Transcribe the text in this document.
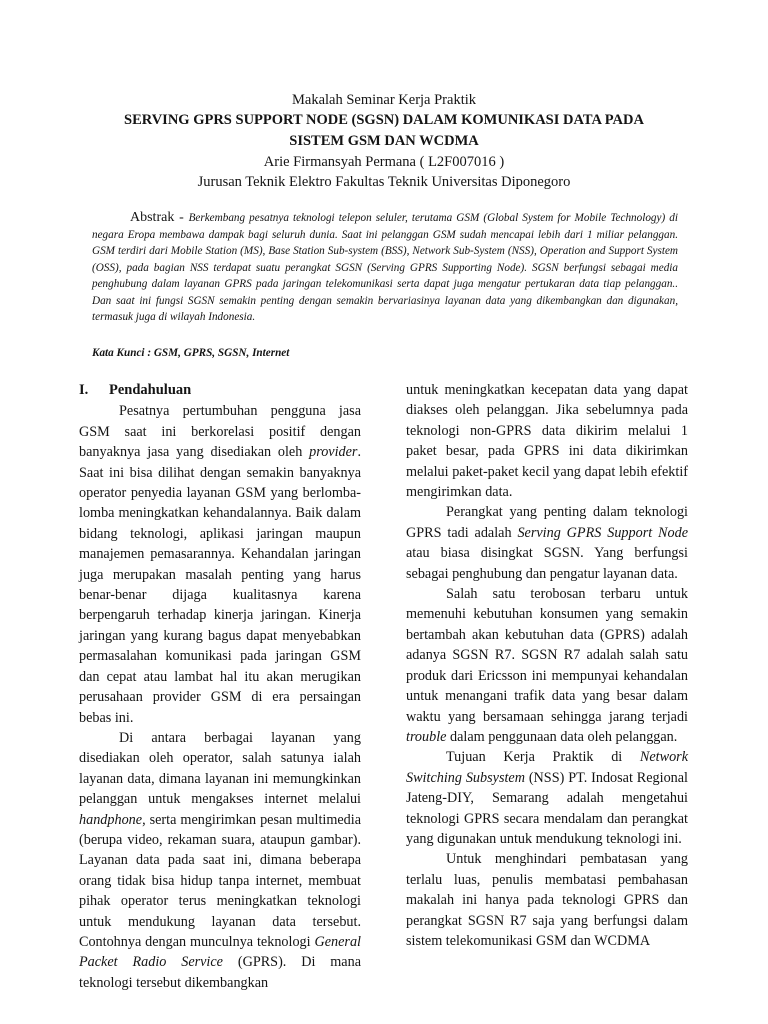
Makalah Seminar Kerja Praktik

SERVING GPRS SUPPORT NODE (SGSN) DALAM KOMUNIKASI DATA PADA

SISTEM GSM DAN WCDMA

Arie Firmansyah Permana ( L2F007016 )

Jurusan Teknik Elektro Fakultas Teknik Universitas Diponegoro

Abstrak - Berkembang pesatnya teknologi telepon seluler, terutama GSM (Global System for Mobile Technology) di negara Eropa membawa dampak bagi seluruh dunia. Saat ini pelanggan GSM sudah mencapai lebih dari 1 miliar pelanggan. GSM terdiri dari Mobile Station (MS), Base Station Sub-system (BSS), Network Sub-System (NSS), Operation and Support System (OSS), pada bagian NSS terdapat suatu perangkat SGSN (Serving GPRS Supporting Node). SGSN berfungsi sebagai media penghubung dalam layanan GPRS pada jaringan telekomunikasi serta dapat juga mengatur pertukaran data tiap pelanggan.. Dan saat ini fungsi SGSN semakin penting dengan semakin bervariasinya layanan data yang dikembangkan dan digunakan, termasuk juga di wilayah Indonesia.
Kata Kunci : GSM, GPRS, SGSN, Internet
I. Pendahuluan

Pesatnya pertumbuhan pengguna jasa GSM saat ini berkorelasi positif dengan banyaknya jasa yang disediakan oleh provider. Saat ini bisa dilihat dengan semakin banyaknya operator penyedia layanan GSM yang berlomba-lomba meningkatkan kehandalannya. Baik dalam bidang teknologi, aplikasi jaringan maupun manajemen pemasarannya. Kehandalan jaringan juga merupakan masalah penting yang harus benar-benar dijaga kualitasnya karena berpengaruh terhadap kinerja jaringan. Kinerja jaringan yang kurang bagus dapat menyebabkan permasalahan komunikasi pada jaringan GSM dan cepat atau lambat hal itu akan merugikan perusahaan provider GSM di era persaingan bebas ini.

Di antara berbagai layanan yang disediakan oleh operator, salah satunya ialah layanan data, dimana layanan ini memungkinkan pelanggan untuk mengakses internet melalui handphone, serta mengirimkan pesan multimedia (berupa video, rekaman suara, ataupun gambar). Layanan data pada saat ini, dimana beberapa orang tidak bisa hidup tanpa internet, membuat pihak operator terus meningkatkan teknologi untuk mendukung layanan data tersebut. Contohnya dengan munculnya teknologi General Packet Radio Service (GPRS). Di mana teknologi tersebut dikembangkan

untuk meningkatkan kecepatan data yang dapat diakses oleh pelanggan. Jika sebelumnya pada teknologi non-GPRS data dikirim melalui 1 paket besar, pada GPRS ini data dikirimkan melalui paket-paket kecil yang dapat lebih efektif mengirimkan data.

Perangkat yang penting dalam teknologi GPRS tadi adalah Serving GPRS Support Node atau biasa disingkat SGSN. Yang berfungsi sebagai penghubung dan pengatur layanan data.

Salah satu terobosan terbaru untuk memenuhi kebutuhan konsumen yang semakin bertambah akan kebutuhan data (GPRS) adalah adanya SGSN R7. SGSN R7 adalah salah satu produk dari Ericsson ini mempunyai kehandalan untuk menangani trafik data yang besar dalam waktu yang bersamaan sehingga jarang terjadi trouble dalam penggunaan data oleh pelanggan.

Tujuan Kerja Praktik di Network Switching Subsystem (NSS) PT. Indosat Regional Jateng-DIY, Semarang adalah mengetahui teknologi GPRS secara mendalam dan perangkat yang digunakan untuk mendukung teknologi ini.

Untuk menghindari pembatasan yang terlalu luas, penulis membatasi pembahasan makalah ini hanya pada teknologi GPRS dan perangkat SGSN R7 saja yang berfungsi dalam sistem telekomunikasi GSM dan WCDMA
